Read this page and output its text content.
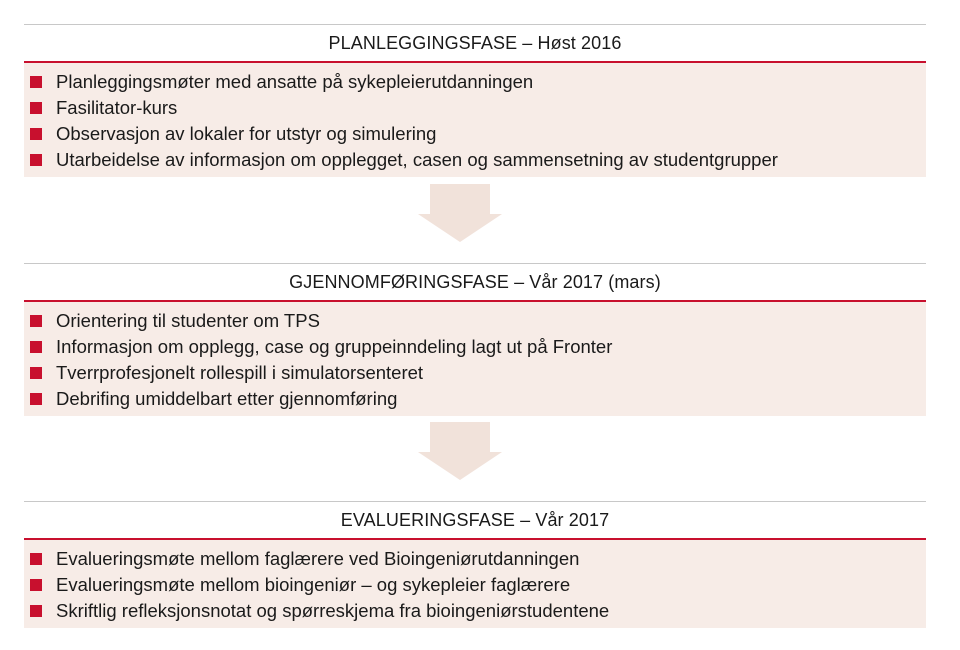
PLANLEGGINGSFASE – Høst 2016
Planleggingsmøter med ansatte på sykepleierutdanningen
Fasilitator-kurs
Observasjon av lokaler for utstyr og simulering
Utarbeidelse av informasjon om opplegget, casen og sammensetning av studentgrupper
GJENNOMFØRINGSFASE – Vår 2017 (mars)
Orientering til studenter om TPS
Informasjon om opplegg, case og gruppeinndeling lagt ut på Fronter
Tverrprofesjonelt rollespill i simulatorsenteret
Debrifing umiddelbart etter gjennomføring
EVALUERINGSFASE – Vår 2017
Evalueringsmøte mellom faglærere ved Bioingeniørutdanningen
Evalueringsmøte mellom bioingeniør – og sykepleier faglærere
Skriftlig refleksjonsnotat og spørreskjema fra bioingeniørstudentene
